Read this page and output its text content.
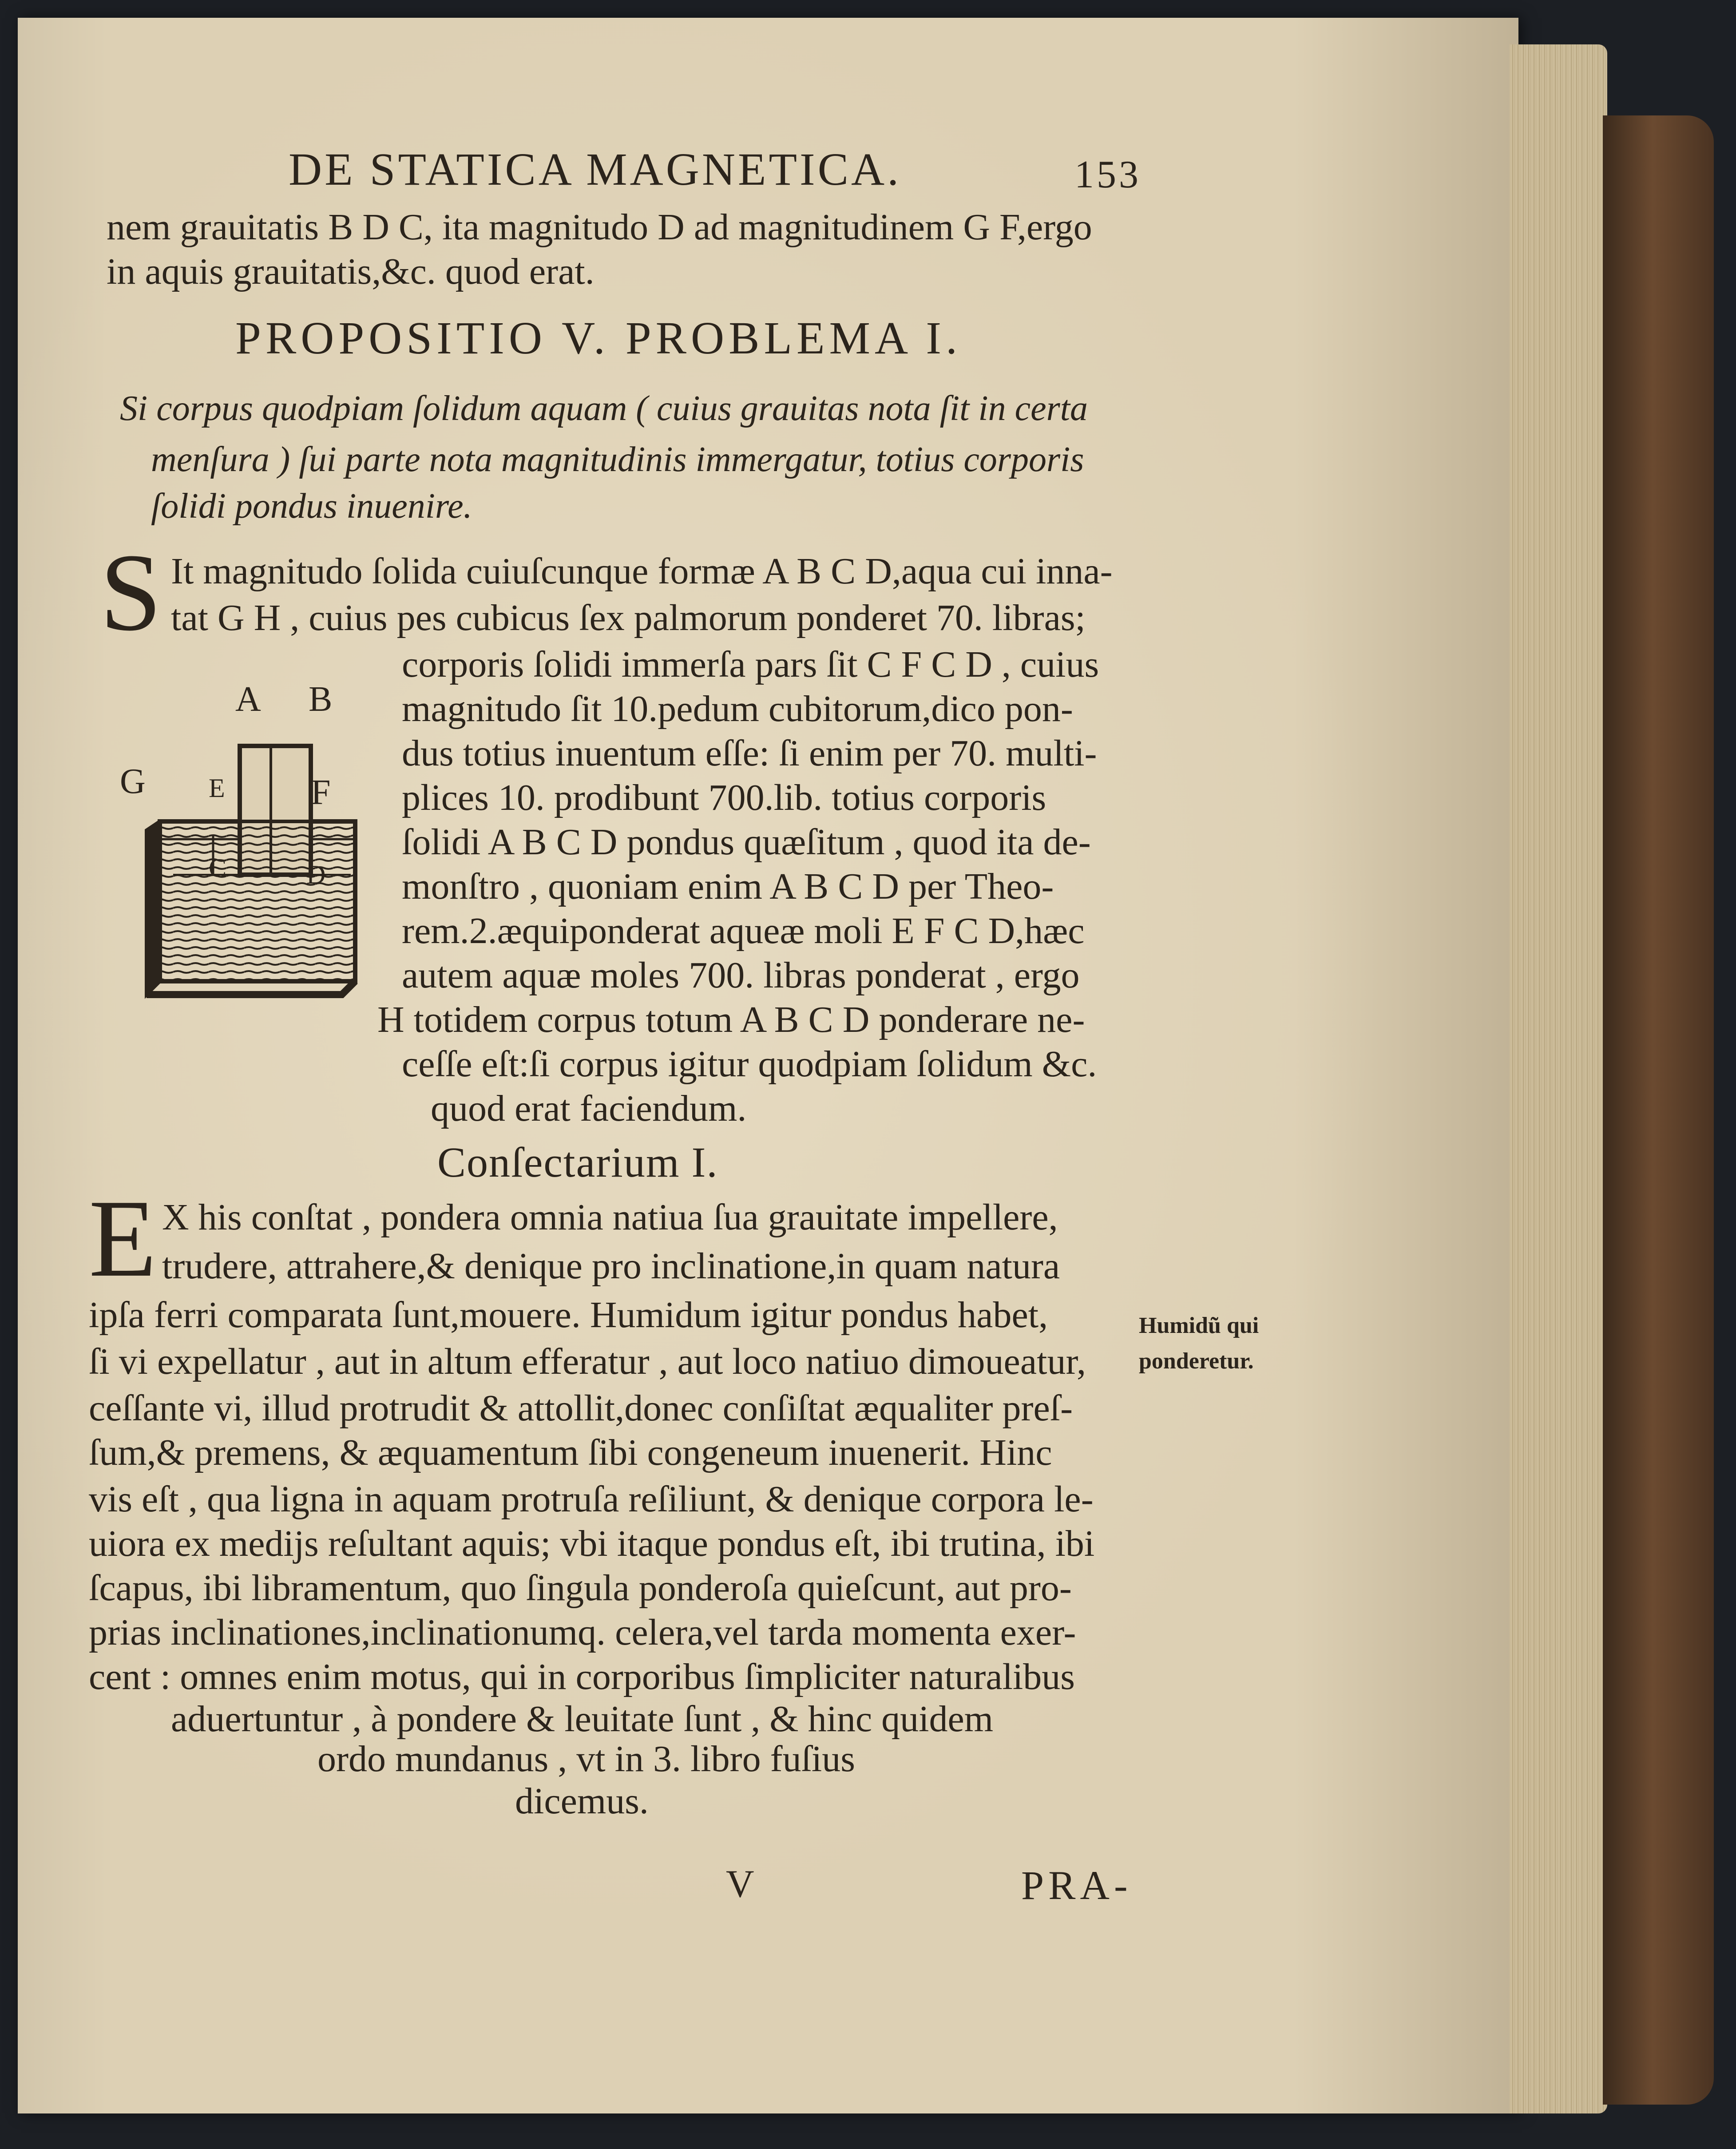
DE STATICA MAGNETICA.	153

nem grauitatis B D C, ita magnitudo D ad magnitudinem G F,ergo

in aquis grauitatis,&c. quod erat.

PROPOSITIO V. PROBLEMA I.

Si corpus quodpiam ſolidum aquam ( cuius grauitas nota ſit in certa

menſura ) ſui parte nota magnitudinis immergatur, totius corporis

ſolidi pondus inuenire.

S It magnitudo ſolida cuiuſcunque formæ A B C D,aqua cui inna-

tat G H , cuius pes cubicus ſex palmorum ponderet 70. libras;

corporis ſolidi immerſa pars ſit C F C D , cuius

magnitudo ſit 10.pedum cubitorum,dico pon-

dus totius inuentum eſſe: ſi enim per 70. multi-

plices 10. prodibunt 700.lib. totius corporis

ſolidi A B C D pondus quæſitum , quod ita de-

monſtro , quoniam enim A B C D per Theo-

rem.2.æquiponderat aqueæ moli E F C D,hæc

autem aquæ moles 700. libras ponderat , ergo

H totidem corpus totum A B C D ponderare ne-

ceſſe eſt:ſi corpus igitur quodpiam ſolidum &c.

quod erat faciendum.

A B

G E F

Conſectarium I.

E X his conſtat , pondera omnia natiua ſua grauitate impellere,

trudere, attrahere,& denique pro inclinatione,in quam natura

ipſa ferri comparata ſunt,mouere. Humidum igitur pondus habet,

ſi vi expellatur , aut in altum efferatur , aut loco natiuo dimoueatur,

ceſſante vi, illud protrudit & attollit,donec conſiſtat æqualiter preſ-

ſum,& premens, & æquamentum ſibi congeneum inuenerit. Hinc

vis eſt , qua ligna in aquam protruſa reſiliunt, & denique corpora le-

uiora ex medijs reſultant aquis; vbi itaque pondus eſt, ibi trutina, ibi

ſcapus, ibi libramentum, quo ſingula ponderoſa quieſcunt, aut pro-

prias inclinationes,inclinationumq. celera,vel tarda momenta exer-

cent : omnes enim motus, qui in corporibus ſimpliciter naturalibus

aduertuntur , à pondere & leuitate ſunt , & hinc quidem

ordo mundanus , vt in 3. libro fuſius

dicemus.

Humidũ qui

ponderetur.

V	PRA-
